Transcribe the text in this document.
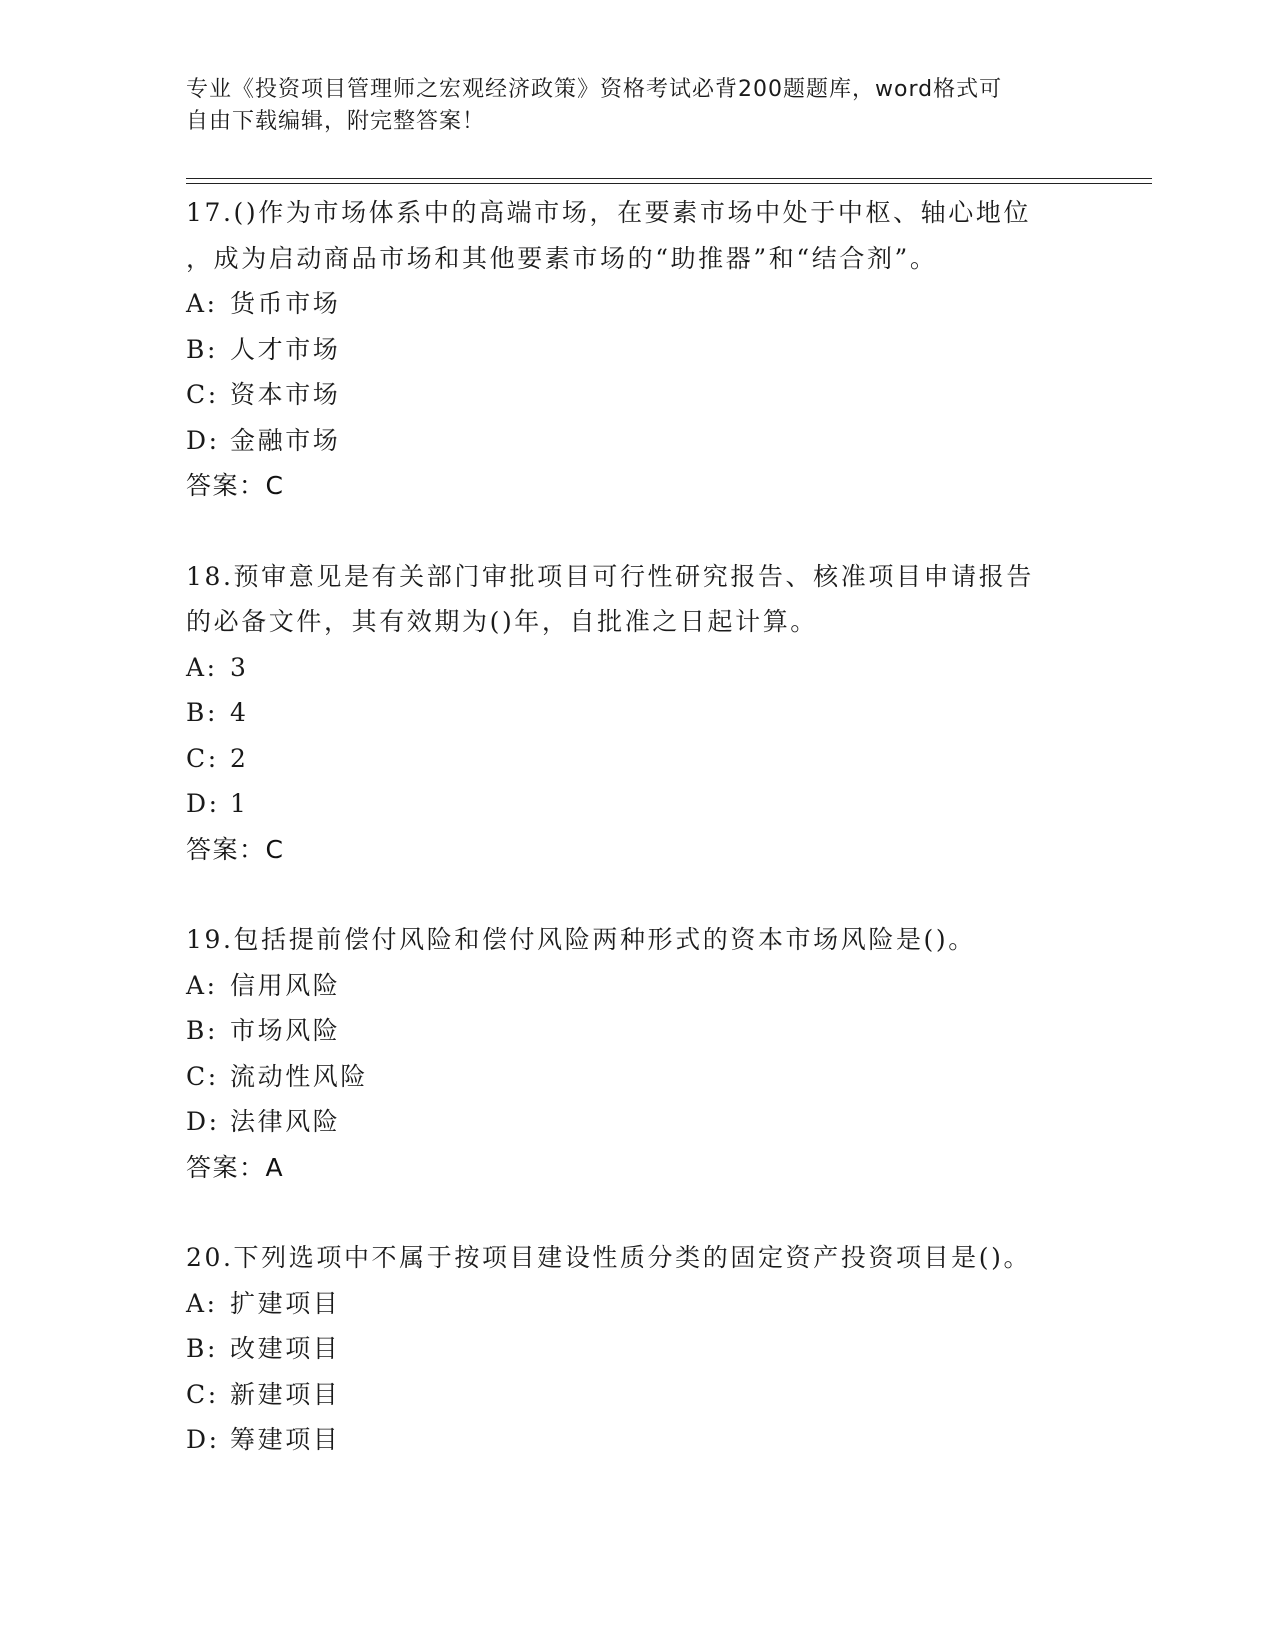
专业《投资项目管理师之宏观经济政策》资格考试必背200题题库，word格式可
自由下载编辑，附完整答案！
17.()作为市场体系中的高端市场，在要素市场中处于中枢、轴心地位
，成为启动商品市场和其他要素市场的“助推器”和“结合剂”。
A: 货币市场
B: 人才市场
C: 资本市场
D: 金融市场
答案：C
18.预审意见是有关部门审批项目可行性研究报告、核准项目申请报告
的必备文件，其有效期为()年，自批准之日起计算。
A: 3
B: 4
C: 2
D: 1
答案：C
19.包括提前偿付风险和偿付风险两种形式的资本市场风险是()。
A: 信用风险
B: 市场风险
C: 流动性风险
D: 法律风险
答案：A
20.下列选项中不属于按项目建设性质分类的固定资产投资项目是()。
A: 扩建项目
B: 改建项目
C: 新建项目
D: 筹建项目
